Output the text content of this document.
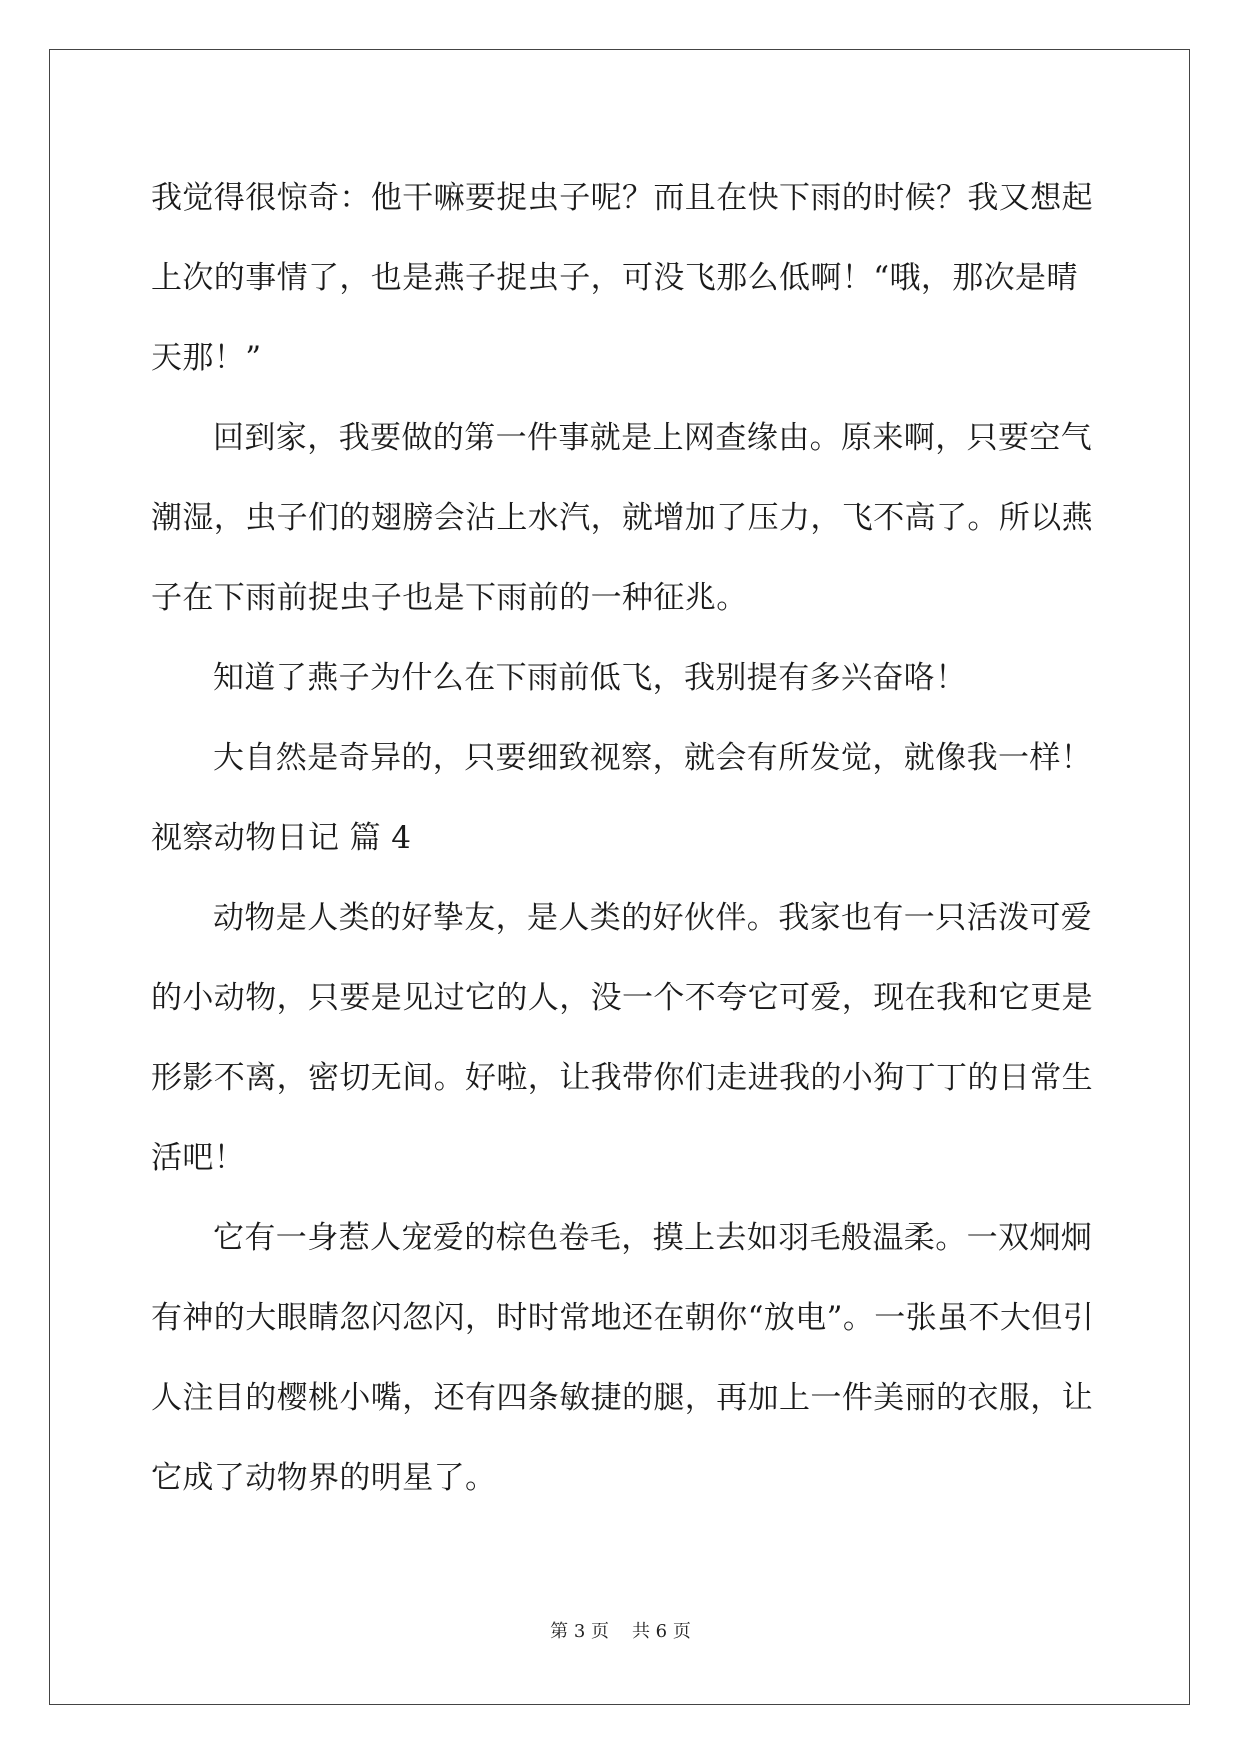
我觉得很惊奇：他干嘛要捉虫子呢？而且在快下雨的时候？我又想起
上次的事情了，也是燕子捉虫子，可没飞那么低啊！“哦，那次是晴
天那！”
回到家，我要做的第一件事就是上网查缘由。原来啊，只要空气
潮湿，虫子们的翅膀会沾上水汽，就增加了压力，飞不高了。所以燕
子在下雨前捉虫子也是下雨前的一种征兆。
知道了燕子为什么在下雨前低飞，我别提有多兴奋咯！
大自然是奇异的，只要细致视察，就会有所发觉，就像我一样！
视察动物日记 篇 4
动物是人类的好挚友，是人类的好伙伴。我家也有一只活泼可爱
的小动物，只要是见过它的人，没一个不夸它可爱，现在我和它更是
形影不离，密切无间。好啦，让我带你们走进我的小狗丁丁的日常生
活吧！
它有一身惹人宠爱的棕色卷毛，摸上去如羽毛般温柔。一双炯炯
有神的大眼睛忽闪忽闪，时时常地还在朝你“放电”。一张虽不大但引
人注目的樱桃小嘴，还有四条敏捷的腿，再加上一件美丽的衣服，让
它成了动物界的明星了。
第 3 页    共 6 页
